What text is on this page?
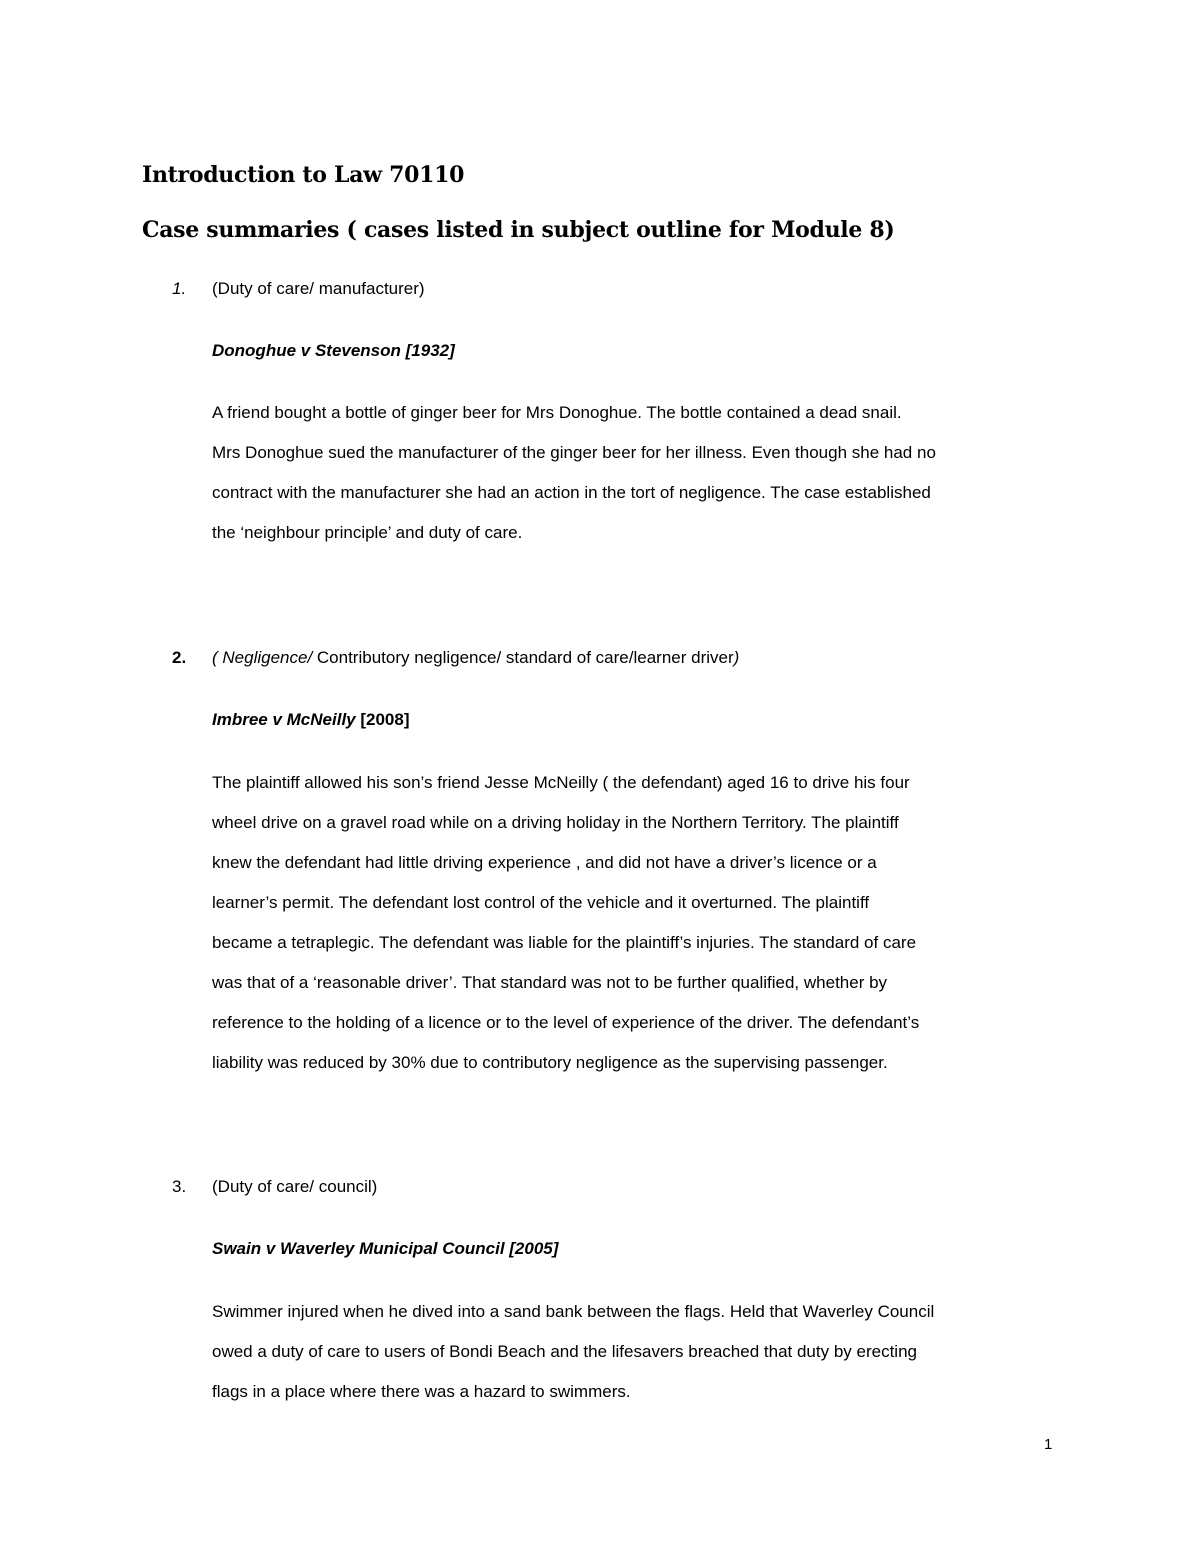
Introduction to Law 70110
Case summaries ( cases listed in subject outline for Module 8)
1. (Duty of care/ manufacturer)
Donoghue v Stevenson [1932]

A friend bought a bottle of ginger beer for Mrs Donoghue. The bottle contained a dead snail.
Mrs Donoghue sued the manufacturer of the ginger beer for her illness. Even though she had no
contract with the manufacturer she had an action in the tort of negligence. The case established
the ‘neighbour principle’ and duty of care.

2. ( Negligence/ Contributory negligence/ standard of care/learner driver)
Imbree v McNeilly [2008]

The plaintiff allowed his son’s friend Jesse McNeilly ( the defendant) aged 16 to drive his four
wheel drive on a gravel road while on a driving holiday in the Northern Territory. The plaintiff
knew the defendant had little driving experience , and did not have a driver’s licence or a
learner’s permit. The defendant lost control of the vehicle and it overturned. The plaintiff
became a tetraplegic. The defendant was liable for the plaintiff’s injuries. The standard of care
was that of a ‘reasonable driver’. That standard was not to be further qualified, whether by
reference to the holding of a licence or to the level of experience of the driver. The defendant’s
liability was reduced by 30% due to contributory negligence as the supervising passenger.

3. (Duty of care/ council)
Swain v Waverley Municipal Council [2005]

Swimmer injured when he dived into a sand bank between the flags. Held that Waverley Council
owed a duty of care to users of Bondi Beach and the lifesavers breached that duty by erecting
flags in a place where there was a hazard to swimmers.

1
